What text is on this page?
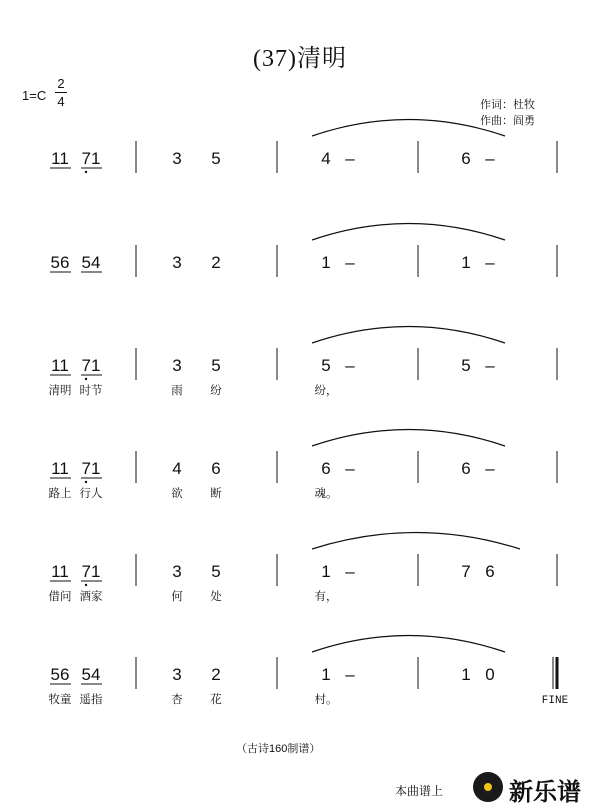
(37)清明
1=C
2
4	作词：杜牧
作曲：阎勇
11 71	3 5	4 –	6 –
56 54	3 2	1 –	1 –
11 71	3 5	5 –	5 –
清明 时节	雨 纷	纷，
11 71	4 6	6 –	6 –
路上 行人	欲 断	魂。
11 71	3 5	1 –	7 6
借问 酒家	何 处	有，
56 54	3 2	1 –	1 0
牧童 遥指	杏 花	村。	FINE
（古诗160制谱）
本曲谱上	新乐谱
